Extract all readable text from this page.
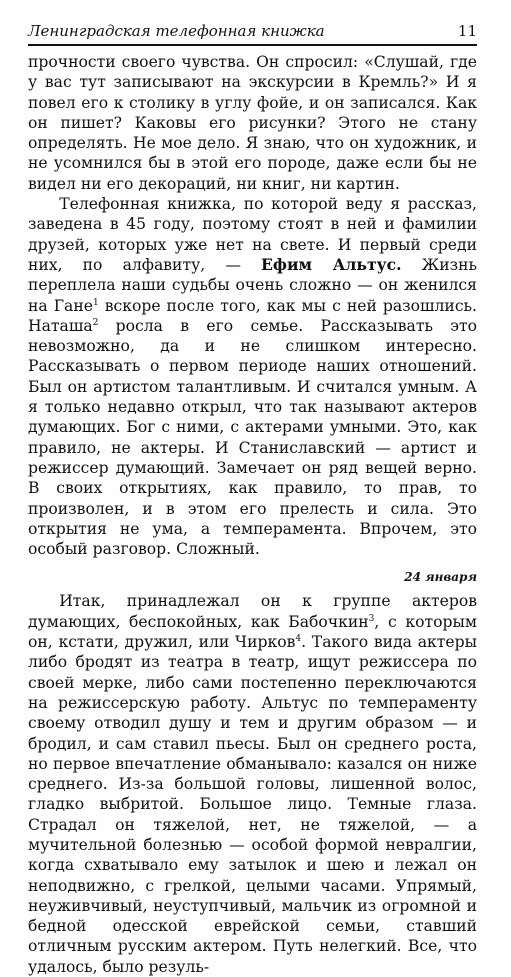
Ленинградская телефонная книжка	11

прочности своего чувства. Он спросил: «Слушай, где у вас тут записывают на экскурсии в Кремль?» И я повел его к столику в углу фойе, и он записался. Как он пишет? Каковы его рисунки? Этого не стану определять. Не мое дело. Я знаю, что он художник, и не усомнился бы в этой его породе, даже если бы не видел ни его декораций, ни книг, ни картин.

Телефонная книжка, по которой веду я рассказ, заведена в 45 году, поэтому стоят в ней и фамилии друзей, которых уже нет на свете. И первый среди них, по алфавиту, — Ефим Альтус. Жизнь переплела наши судьбы очень сложно — он женился на Гане$^1$ вскоре после того, как мы с ней разошлись. Наташа$^2$ росла в его семье. Рассказывать это невозможно, да и не слишком интересно. Рассказывать о первом периоде наших отношений. Был он артистом талантливым. И считался умным. А я только недавно открыл, что так называют актеров думающих. Бог с ними, с актерами умными. Это, как правило, не актеры. И Станиславский — артист и режиссер думающий. Замечает он ряд вещей верно. В своих открытиях, как правило, то прав, то произволен, и в этом его прелесть и сила. Это открытия не ума, а темперамента. Впрочем, это особый разговор. Сложный.

24 января

Итак, принадлежал он к группе актеров думающих, беспокойных, как Бабочкин$^3$, с которым он, кстати, дружил, или Чирков$^4$. Такого вида актеры либо бродят из театра в театр, ищут режиссера по своей мерке, либо сами постепенно переключаются на режиссерскую работу. Альтус по темпераменту своему отводил душу и тем и другим образом — и бродил, и сам ставил пьесы. Был он среднего роста, но первое впечатление обманывало: казался он ниже среднего. Из-за большой головы, лишенной волос, гладко выбритой. Большое лицо. Темные глаза. Страдал он тяжелой, нет, не тяжелой, — а мучительной болезнью — особой формой невралгии, когда схватывало ему затылок и шею и лежал он неподвижно, с грелкой, целыми часами. Упрямый, неуживчивый, неуступчивый, мальчик из огромной и бедной одесской еврейской семьи, ставший отличным русским актером. Путь нелегкий. Все, что удалось, было резуль-
